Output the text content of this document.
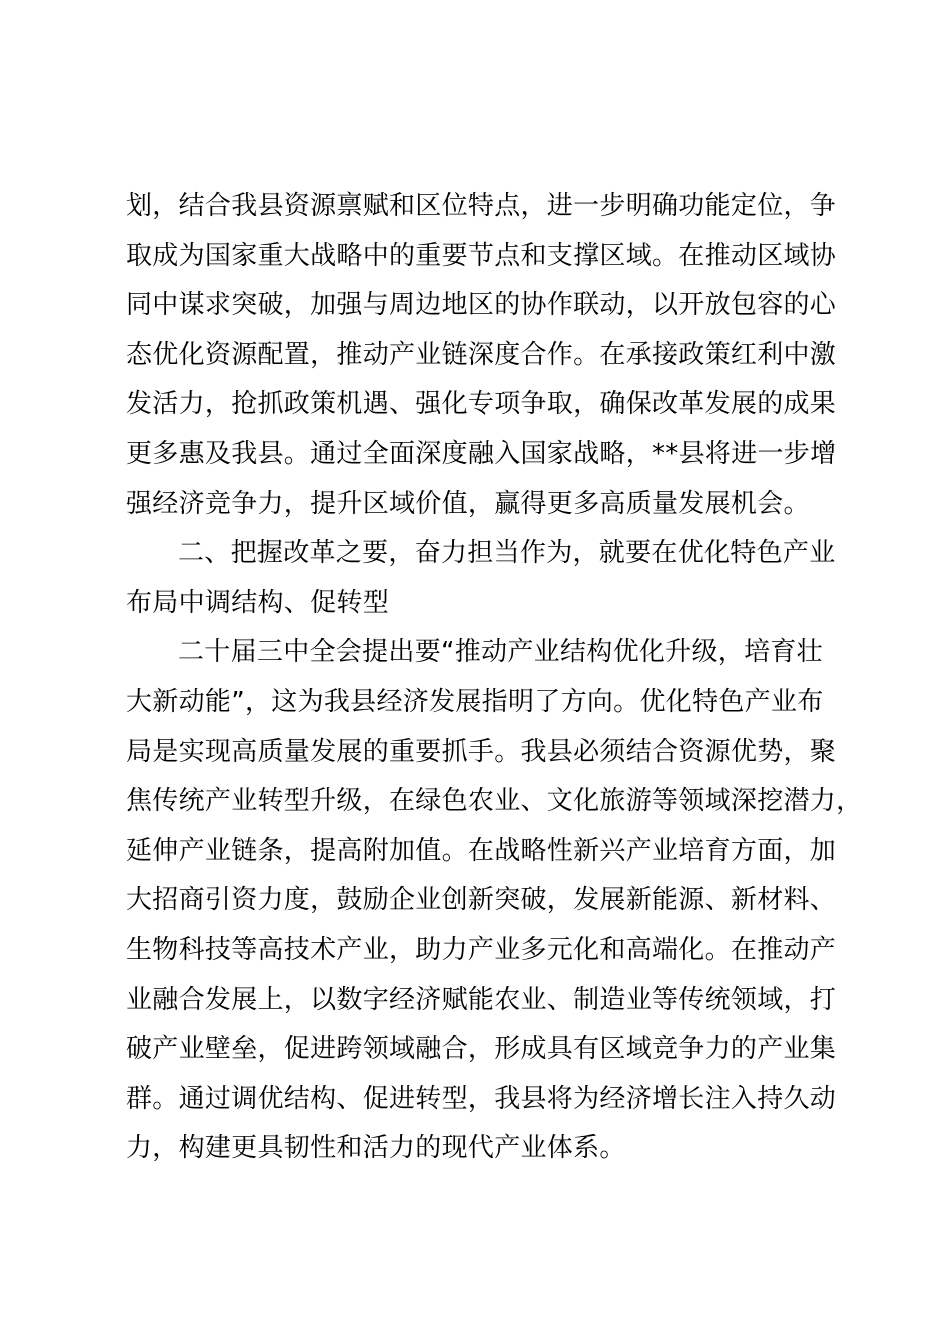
划，结合我县资源禀赋和区位特点，进一步明确功能定位，争
取成为国家重大战略中的重要节点和支撑区域。在推动区域协
同中谋求突破，加强与周边地区的协作联动，以开放包容的心
态优化资源配置，推动产业链深度合作。在承接政策红利中激
发活力，抢抓政策机遇、强化专项争取，确保改革发展的成果
更多惠及我县。通过全面深度融入国家战略，**县将进一步增
强经济竞争力，提升区域价值，赢得更多高质量发展机会。
二、把握改革之要，奋力担当作为，就要在优化特色产业
布局中调结构、促转型
二十届三中全会提出要“推动产业结构优化升级，培育壮
大新动能”，这为我县经济发展指明了方向。优化特色产业布
局是实现高质量发展的重要抓手。我县必须结合资源优势，聚
焦传统产业转型升级，在绿色农业、文化旅游等领域深挖潜力，
延伸产业链条，提高附加值。在战略性新兴产业培育方面，加
大招商引资力度，鼓励企业创新突破，发展新能源、新材料、
生物科技等高技术产业，助力产业多元化和高端化。在推动产
业融合发展上，以数字经济赋能农业、制造业等传统领域，打
破产业壁垒，促进跨领域融合，形成具有区域竞争力的产业集
群。通过调优结构、促进转型，我县将为经济增长注入持久动
力，构建更具韧性和活力的现代产业体系。
